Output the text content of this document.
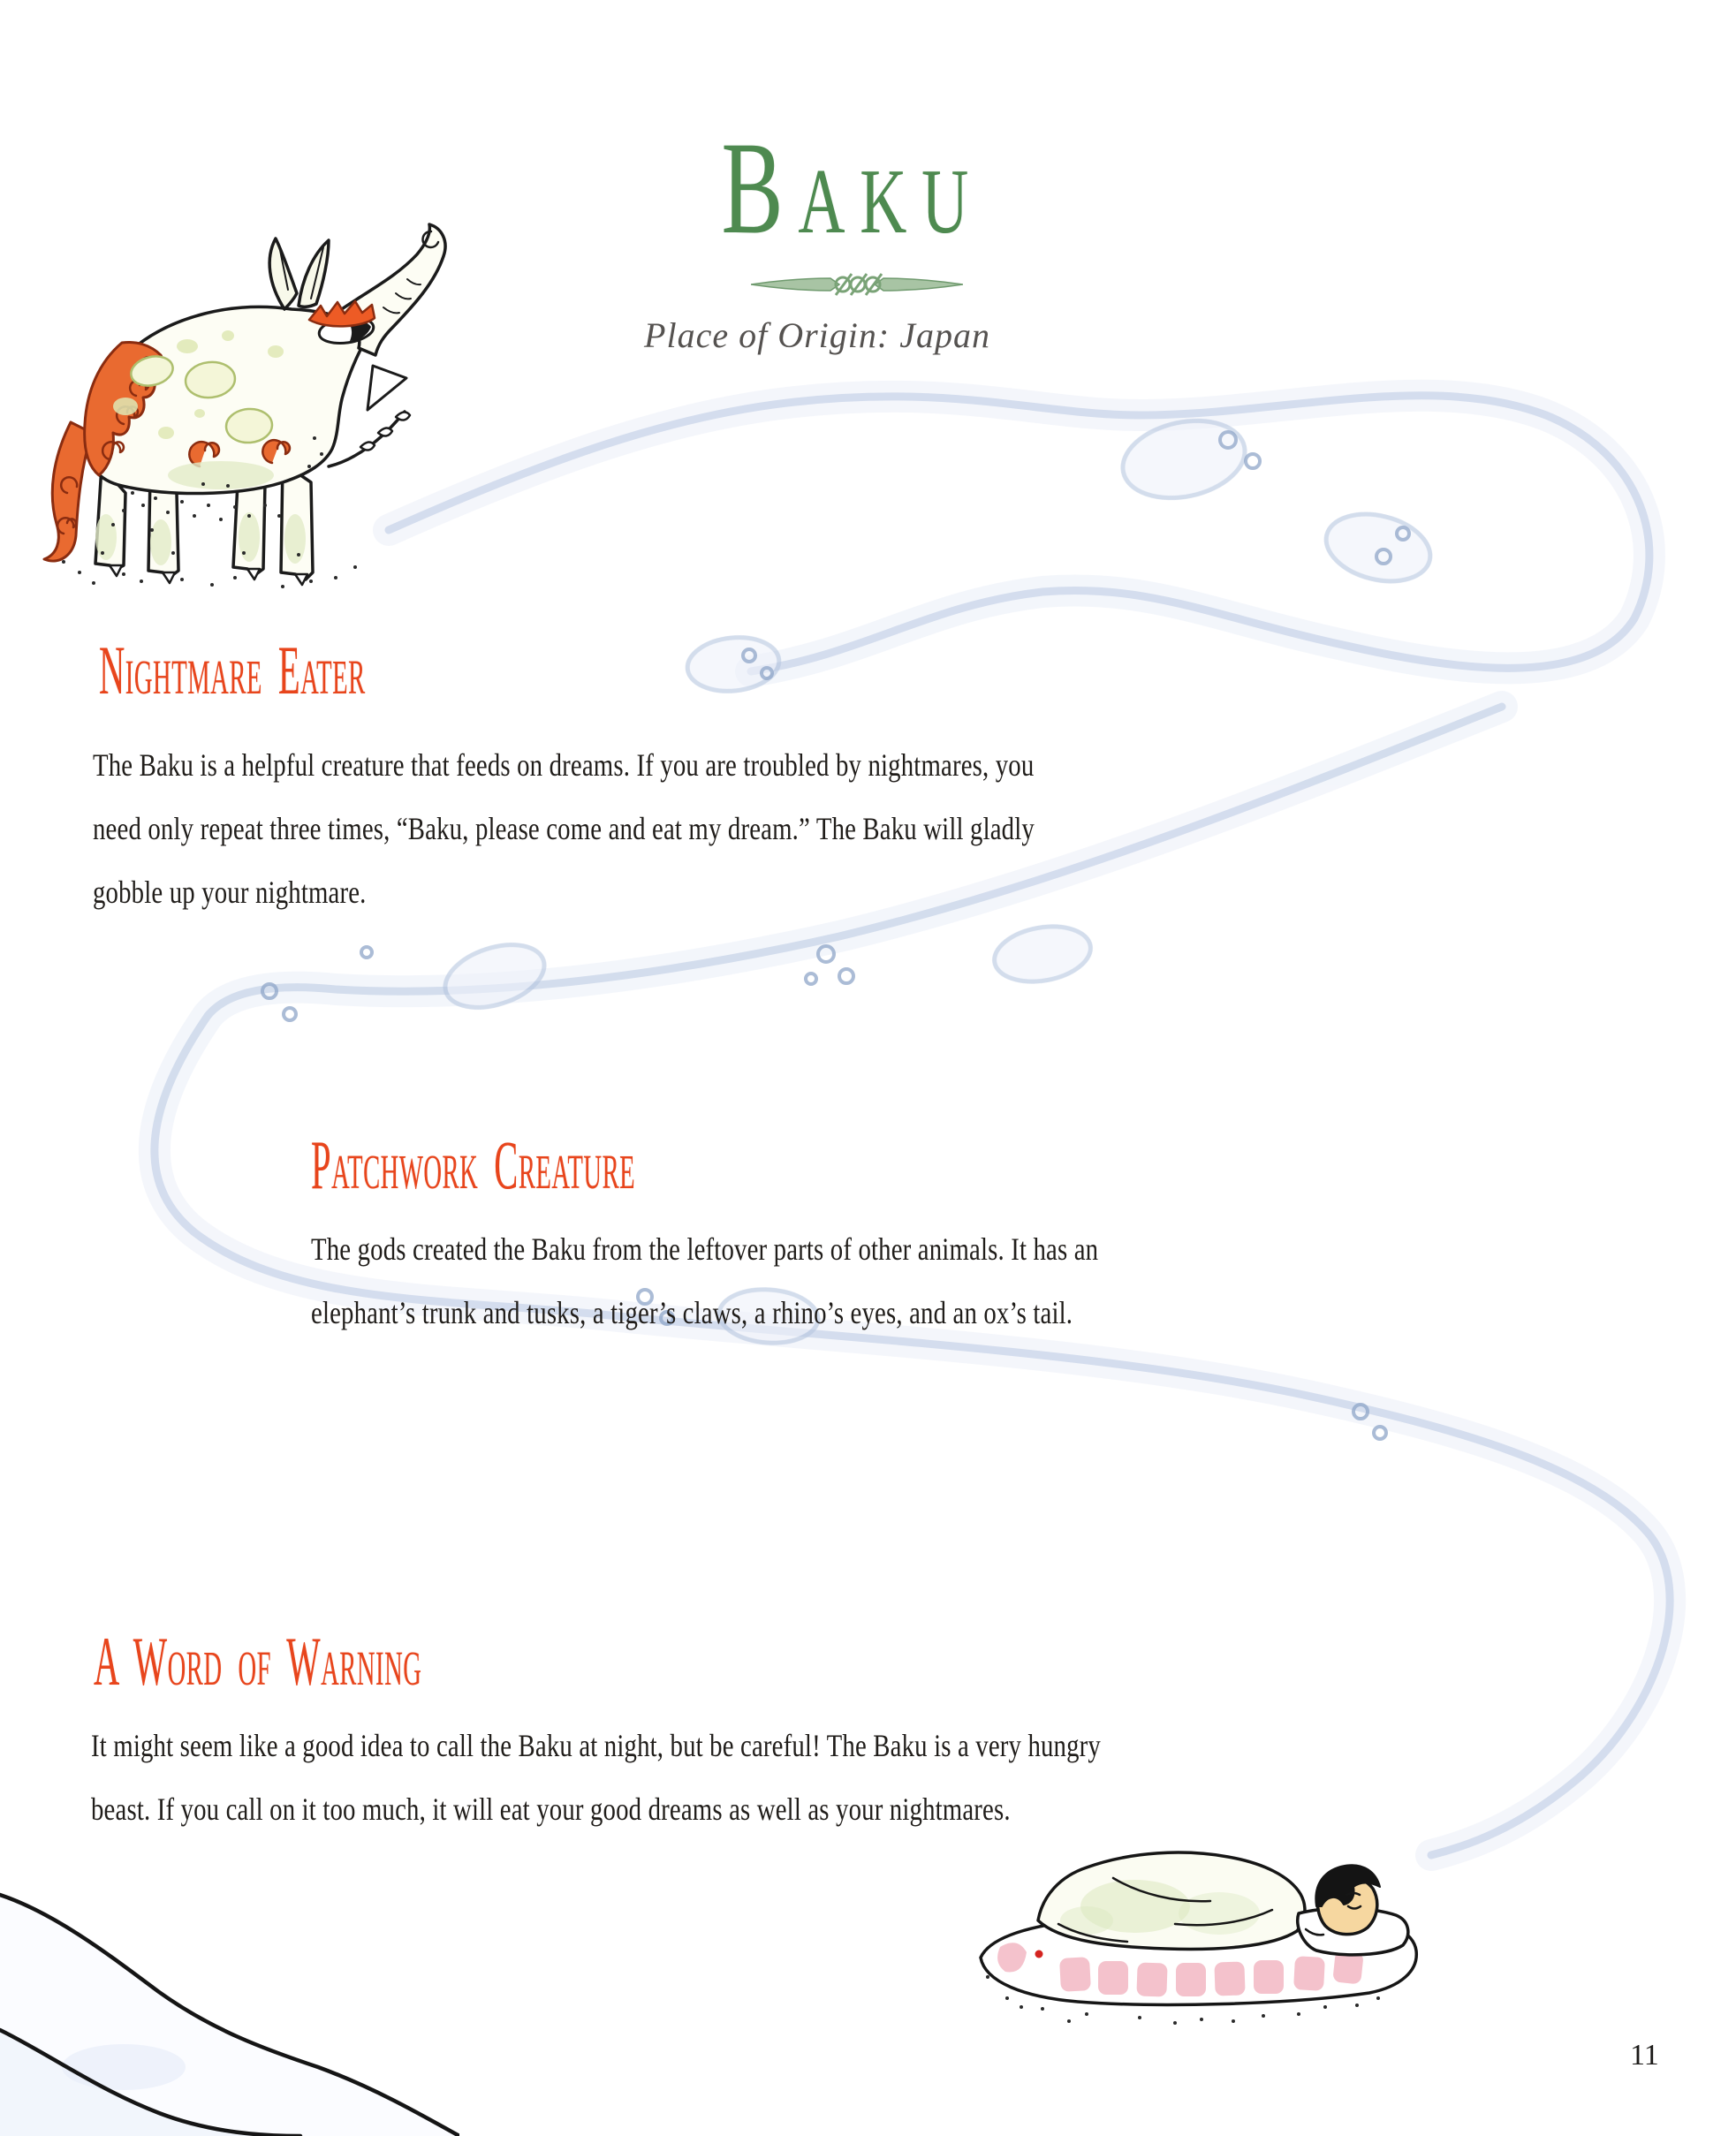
Baku
Place of Origin: Japan
Nightmare Eater
The Baku is a helpful creature that feeds on dreams. If you are troubled by nightmares, you
need only repeat three times, “Baku, please come and eat my dream.” The Baku will gladly
gobble up your nightmare.
Patchwork Creature
The gods created the Baku from the leftover parts of other animals. It has an
elephant’s trunk and tusks, a tiger’s claws, a rhino’s eyes, and an ox’s tail.
A Word of Warning
It might seem like a good idea to call the Baku at night, but be careful! The Baku is a very hungry
beast. If you call on it too much, it will eat your good dreams as well as your nightmares.
11
